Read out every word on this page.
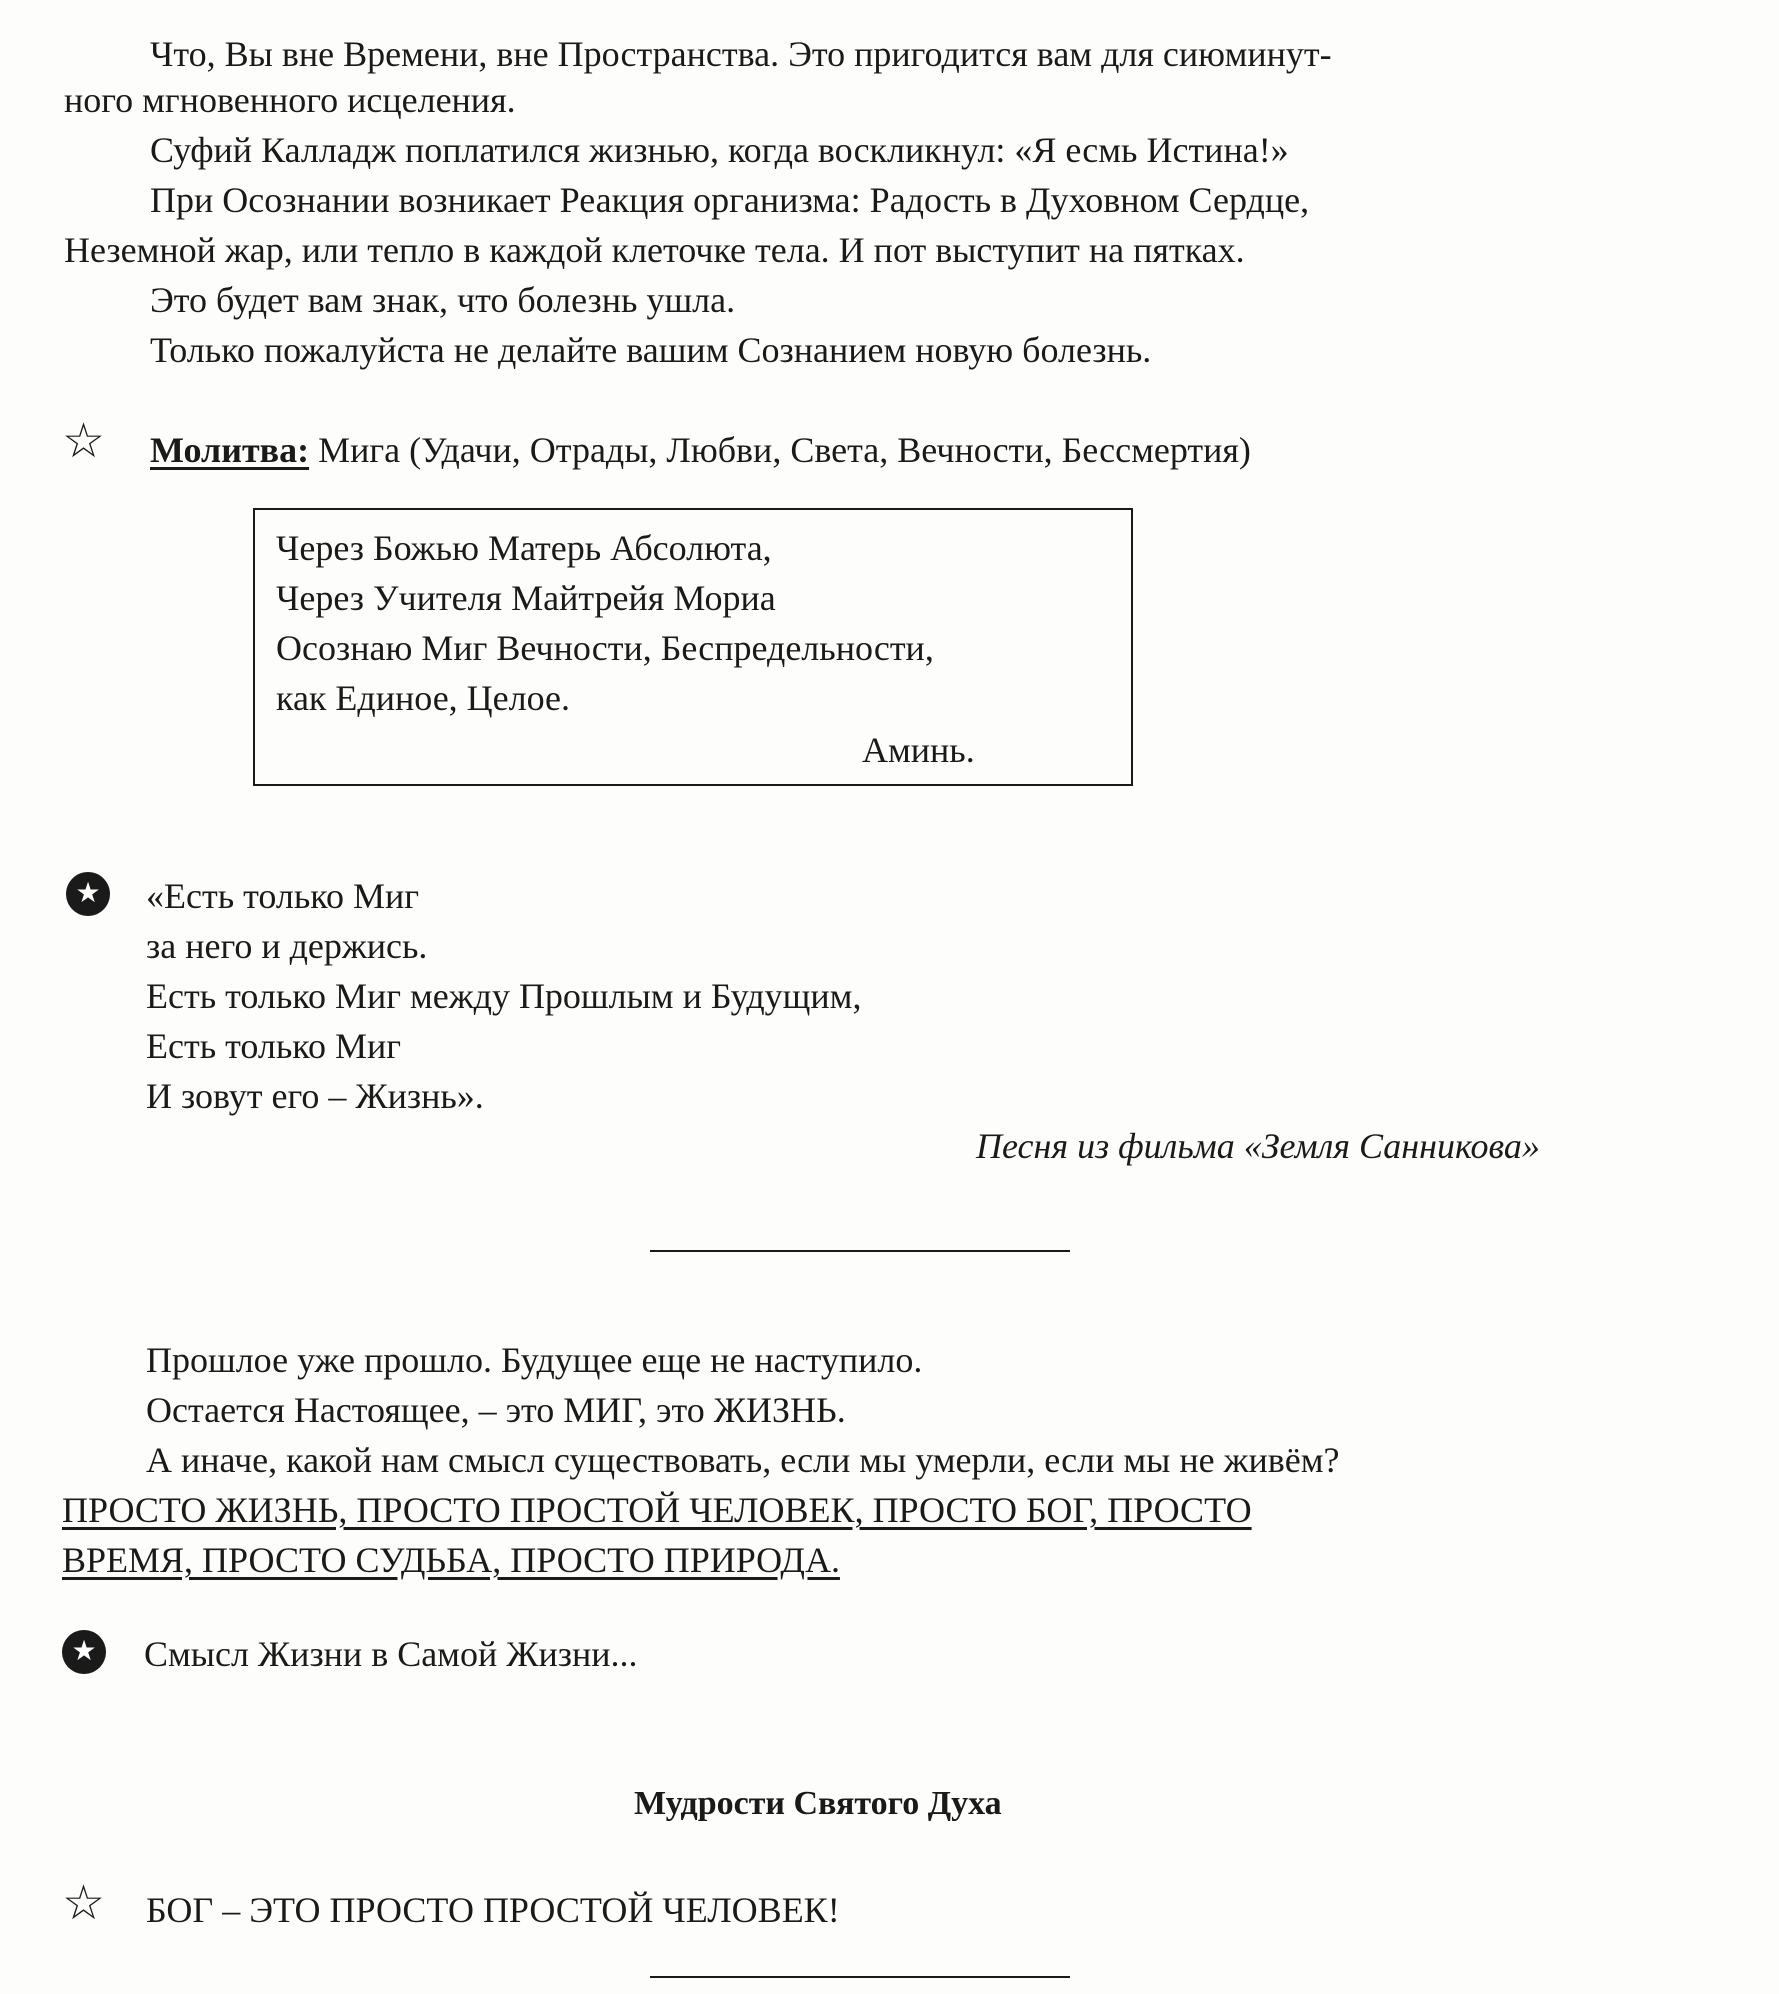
Что, Вы вне Времени, вне Пространства. Это пригодится вам для сиюминут-
ного мгновенного исцеления.
Суфий Калладж поплатился жизнью, когда воскликнул: «Я есмь Истина!»
При Осознании возникает Реакция организма: Радость в Духовном Сердце,
Неземной жар, или тепло в каждой клеточке тела. И пот выступит на пятках.
Это будет вам знак, что болезнь ушла.
Только пожалуйста не делайте вашим Сознанием новую болезнь.
☆ Молитва: Мига (Удачи, Отрады, Любви, Света, Вечности, Бессмертия)
Через Божью Матерь Абсолюта,
Через Учителя Майтрейя Мориа
Осознаю Миг Вечности, Беспредельности,
как Единое, Целое.
Аминь.
★ «Есть только Миг
за него и держись.
Есть только Миг между Прошлым и Будущим,
Есть только Миг
И зовут его – Жизнь».
Песня из фильма «Земля Санникова»
Прошлое уже прошло. Будущее еще не наступило.
Остается Настоящее, – это МИГ, это ЖИЗНЬ.
А иначе, какой нам смысл существовать, если мы умерли, если мы не живём?
ПРОСТО ЖИЗНЬ, ПРОСТО ПРОСТОЙ ЧЕЛОВЕК, ПРОСТО БОГ, ПРОСТО
ВРЕМЯ, ПРОСТО СУДЬБА, ПРОСТО ПРИРОДА.
★ Смысл Жизни в Самой Жизни...
Мудрости Святого Духа
☆ БОГ – ЭТО ПРОСТО ПРОСТОЙ ЧЕЛОВЕК!
